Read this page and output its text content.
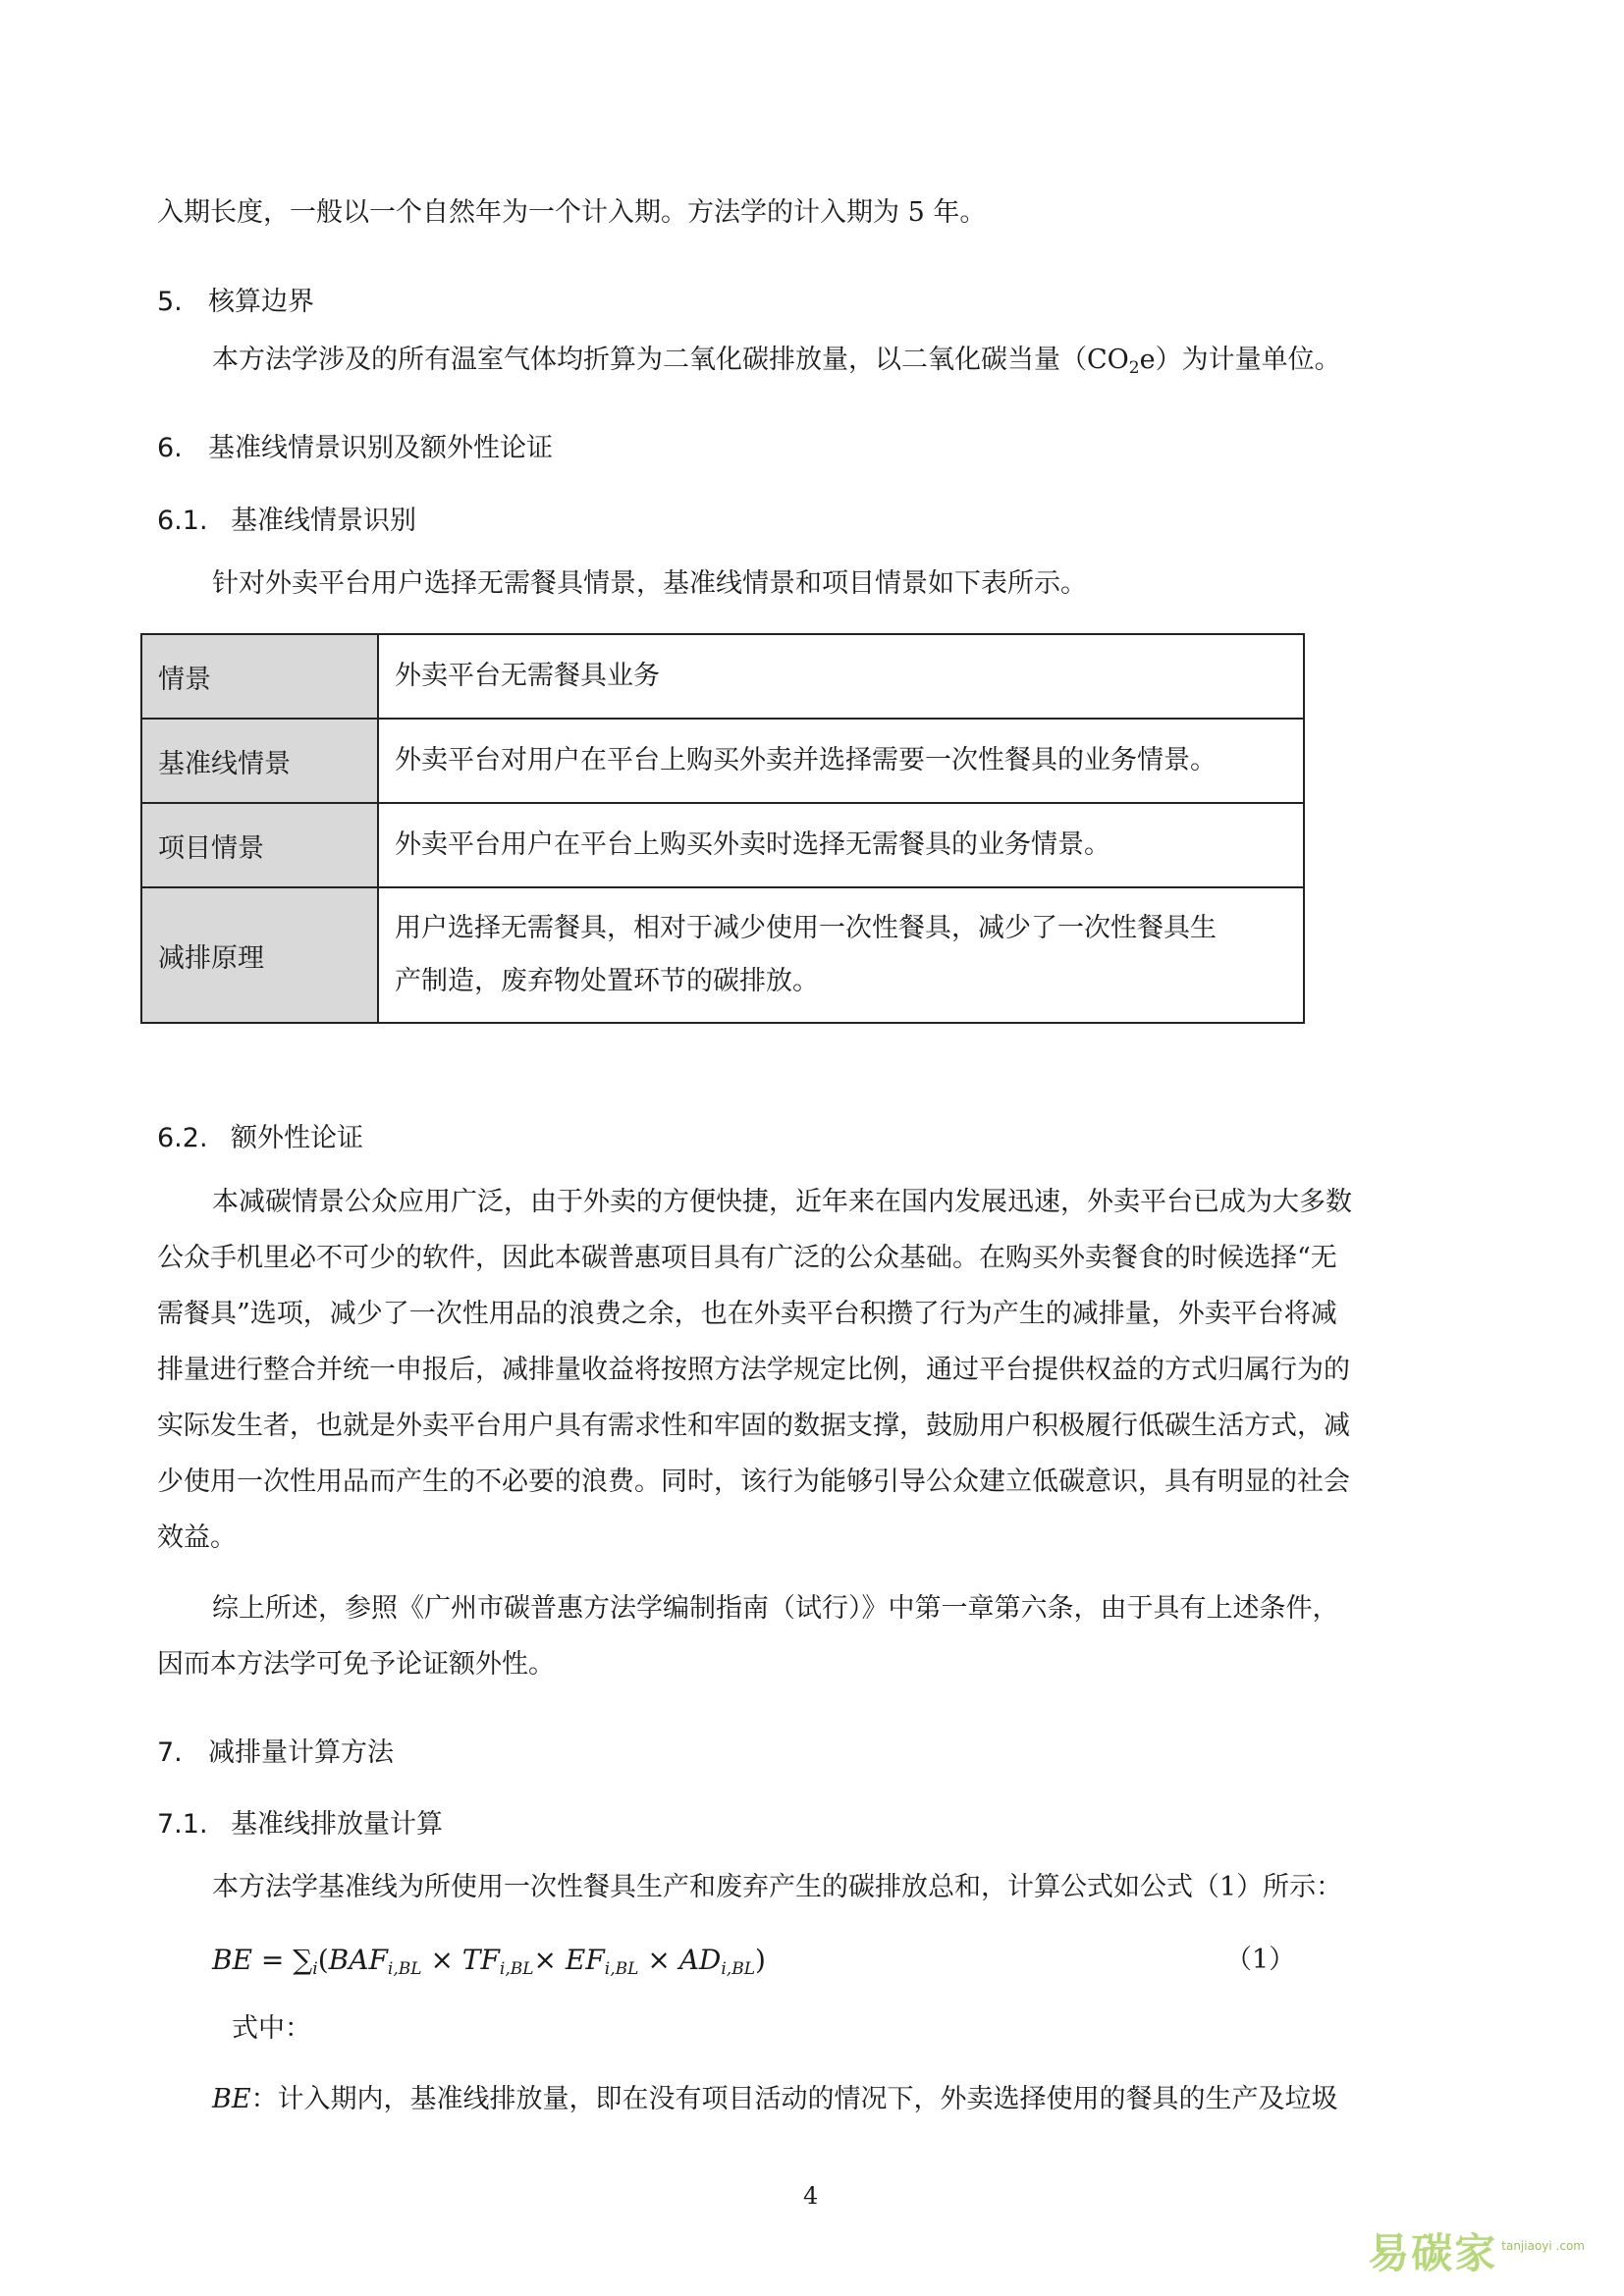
入期长度，一般以一个自然年为一个计入期。方法学的计入期为 5 年。
5. 核算边界
本方法学涉及的所有温室气体均折算为二氧化碳排放量，以二氧化碳当量$(CO_2e)$为计量单位。
6. 基准线情景识别及额外性论证
6.1. 基准线情景识别
针对外卖平台用户选择无需餐具情景，基准线情景和项目情景如下表所示。
情景	外卖平台无需餐具业务
基准线情景	外卖平台对用户在平台上购买外卖并选择需要一次性餐具的业务情景。
项目情景	外卖平台用户在平台上购买外卖时选择无需餐具的业务情景。
减排原理	用户选择无需餐具，相对于减少使用一次性餐具，减少了一次性餐具生
产制造，废弃物处置环节的碳排放。
6.2. 额外性论证
本减碳情景公众应用广泛，由于外卖的方便快捷，近年来在国内发展迅速，外卖平台已成为大多数
公众手机里必不可少的软件，因此本碳普惠项目具有广泛的公众基础。在购买外卖餐食的时候选择“无
需餐具”选项，减少了一次性用品的浪费之余，也在外卖平台积攒了行为产生的减排量，外卖平台将减
排量进行整合并统一申报后，减排量收益将按照方法学规定比例，通过平台提供权益的方式归属行为的
实际发生者，也就是外卖平台用户具有需求性和牢固的数据支撑，鼓励用户积极履行低碳生活方式，减
少使用一次性用品而产生的不必要的浪费。同时，该行为能够引导公众建立低碳意识，具有明显的社会
效益。
综上所述，参照《广州市碳普惠方法学编制指南（试行）》中第一章第六条，由于具有上述条件，
因而本方法学可免予论证额外性。
7. 减排量计算方法
7.1. 基准线排放量计算
本方法学基准线为所使用一次性餐具生产和废弃产生的碳排放总和，计算公式如公式（1）所示：
BE = $\sum_i(BAF_{i,BL} \times TF_{i,BL}\times EF_{i,BL} \times AD_{i,BL})$	（1）
式中：
BE：计入期内，基准线排放量，即在没有项目活动的情况下，外卖选择使用的餐具的生产及垃圾
4
易碳家 $^{tanjiaoyi .com}$
